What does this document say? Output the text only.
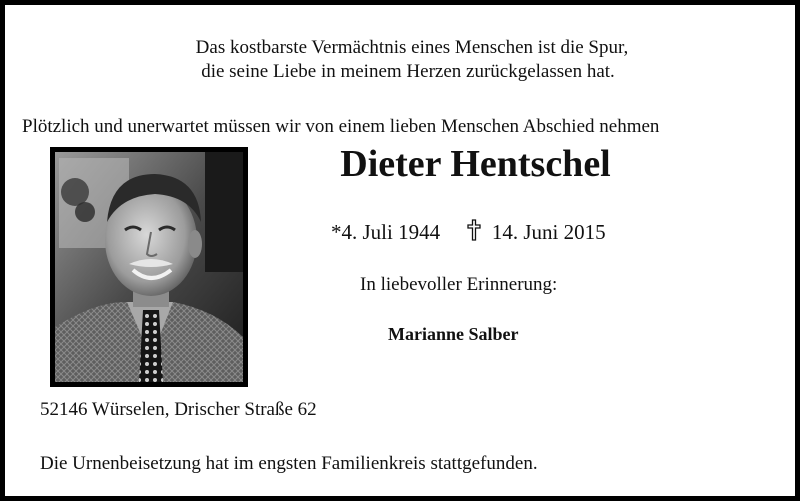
Das kostbarste Vermächtnis eines Menschen ist die Spur,
die seine Liebe in meinem Herzen zurückgelassen hat.
Plötzlich und unerwartet müssen wir von einem lieben Menschen Abschied nehmen
Dieter Hentschel
*4. Juli 1944 14. Juni 2015
In liebevoller Erinnerung:
Marianne Salber
52146 Würselen, Drischer Straße 62
Die Urnenbeisetzung hat im engsten Familienkreis stattgefunden.
